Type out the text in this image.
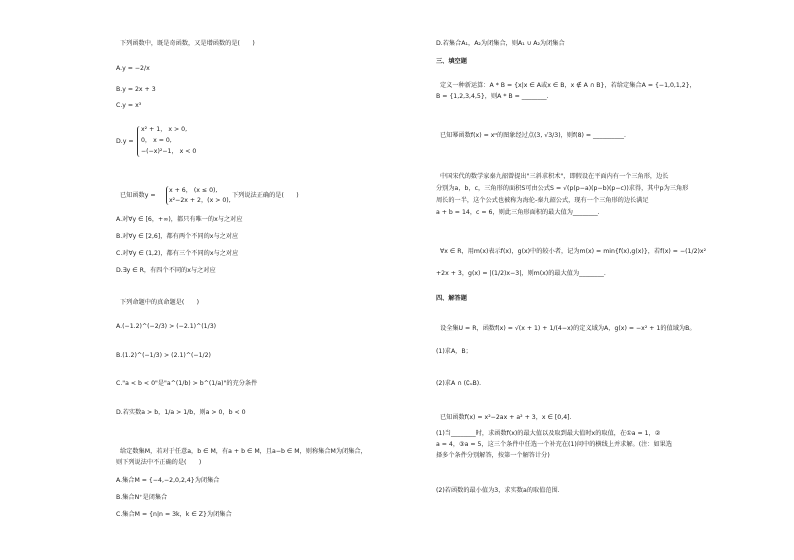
下列函数中，既是奇函数，又是增函数的是(　　)
A.y = −2/x
B.y = 2x + 3
C.y = x³
D.y =
x² + 1， x > 0,
0， x = 0,
−(−x)²−1， x < 0
已知函数y =
x + 6， (x ≤ 0),
x²−2x + 2，(x > 0),
下列说法正确的是(　　)
A.对∀y ∈ [6，+∞)，都只有唯一的x与之对应
B.对∀y ∈ [2,6]，都有两个不同的x与之对应
C.对∀y ∈ (1,2)，都有三个不同的x与之对应
D.∃y ∈ R，有四个不同的x与之对应
下列命题中的真命题是(　　)
A.(−1.2)^(−2/3) > (−2.1)^(1/3)
B.(1.2)^(−1/3) > (2.1)^(−1/2)
C."a < b < 0"是"a^(1/b) > b^(1/a)"的充分条件
D.若实数a > b，1/a > 1/b，则a > 0，b < 0
给定数集M，若对于任意a，b ∈ M，有a + b ∈ M，且a−b ∈ M，则称集合M为闭集合，
则下列说法中不正确的是(　　)
A.集合M = {−4,−2,0,2,4}为闭集合
B.集合N⁺是闭集合
C.集合M = {n|n = 3k，k ∈ Z}为闭集合
D.若集合A₁，A₂为闭集合，则A₁ ∪ A₂为闭集合
三、填空题
定义一种新运算：A * B = {x|x ∈ A或x ∈ B，x ∉ A ∩ B}，若给定集合A = {−1,0,1,2}，
B = {1,2,3,4,5}，则A * B = ________.
已知幂函数f(x) = xᵅ的图象经过点(3, √3/3)，则f(8) = __________.
中国宋代的数学家秦九韶曾提出"三斜求积术"，即假设在平面内有一个三角形，边长
分别为a，b，c，三角形的面积S可由公式S = √(p(p−a)(p−b)(p−c))求得，其中p为三角形
周长的一半，这个公式也被称为海伦-秦九韶公式，现有一个三角形的边长满足
a + b = 14，c = 6，则此三角形面积的最大值为________.
∀x ∈ R，用m(x)表示f(x)，g(x)中的较小者，记为m(x) = min{f(x),g(x)}，若f(x) = −(1/2)x²
+2x + 3，g(x) = |(1/2)x−3|，则m(x)的最大值为________.
四、解答题
设全集U = R，函数f(x) = √(x + 1) + 1/(4−x)的定义域为A，g(x) = −x² + 1的值域为B。
(1)求A，B；
(2)求A ∩ (∁ᵤB).
已知函数f(x) = x²−2ax + a² + 3，x ∈ [0,4].
(1)当________时，求函数f(x)的最大值以及取到最大值时x的取值，在①a = 1，②
a = 4，③a = 5，这三个条件中任选一个补充在(1)问中的横线上并求解。(注：如果选
择多个条件分别解答，按第一个解答计分)
(2)若函数的最小值为3，求实数a的取值范围.
